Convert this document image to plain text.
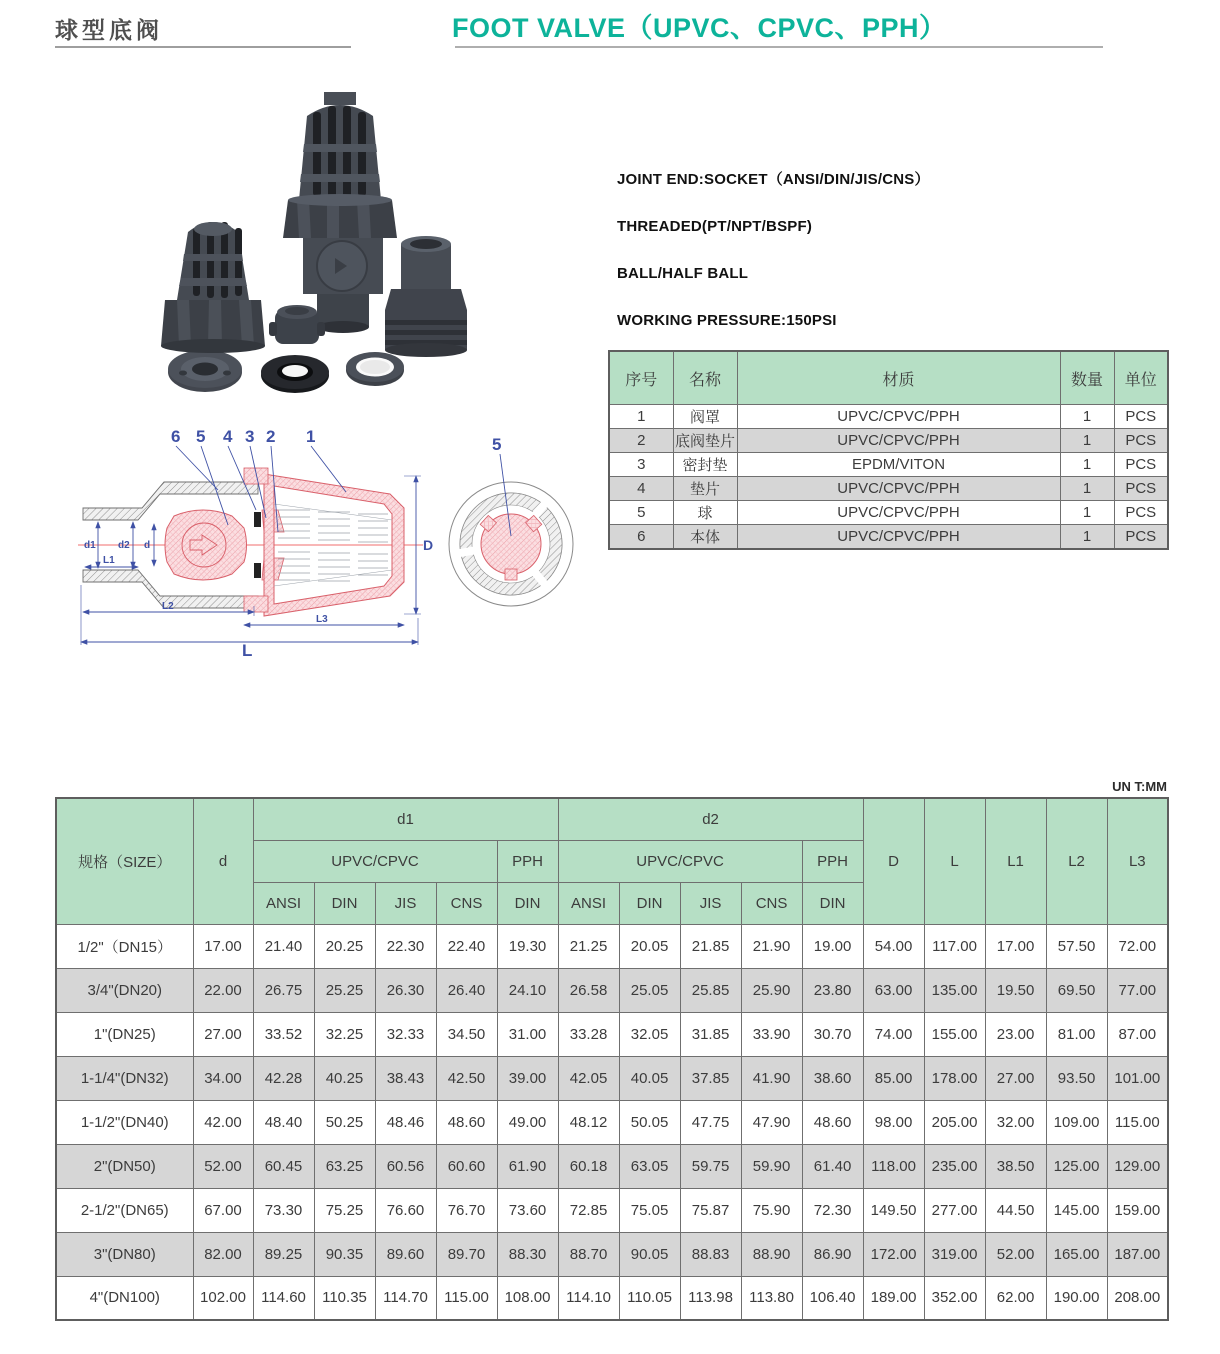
球型底阀	FOOT VALVE（UPVC、CPVC、PPH）

JOINT END:SOCKET（ANSI/DIN/JIS/CNS）

THREADED(PT/NPT/BSPF)

BALL/HALF BALL

WORKING PRESSURE:150PSI

序号	名称	材质	数量	单位
1	阀罩	UPVC/CPVC/PPH	1	PCS
2	底阀垫片	UPVC/CPVC/PPH	1	PCS
3	密封垫	EPDM/VITON	1	PCS
4	垫片	UPVC/CPVC/PPH	1	PCS
5	球	UPVC/CPVC/PPH	1	PCS
6	本体	UPVC/CPVC/PPH	1	PCS
6 5 4 3 2 1
d1 d2 d
L1
L2
L3
L
D
5
UN T:MM
规格（SIZE）	d	d1					d2					D	L	L1	L2	L3
		UPVC/CPVC				PPH	UPVC/CPVC				PPH					
		ANSI	DIN	JIS	CNS	DIN	ANSI	DIN	JIS	CNS	DIN					
1/2"（DN15）	17.00	21.40	20.25	22.30	22.40	19.30	21.25	20.05	21.85	21.90	19.00	54.00	117.00	17.00	57.50	72.00
3/4"(DN20)	22.00	26.75	25.25	26.30	26.40	24.10	26.58	25.05	25.85	25.90	23.80	63.00	135.00	19.50	69.50	77.00
1"(DN25)	27.00	33.52	32.25	32.33	34.50	31.00	33.28	32.05	31.85	33.90	30.70	74.00	155.00	23.00	81.00	87.00
1-1/4"(DN32)	34.00	42.28	40.25	38.43	42.50	39.00	42.05	40.05	37.85	41.90	38.60	85.00	178.00	27.00	93.50	101.00
1-1/2"(DN40)	42.00	48.40	50.25	48.46	48.60	49.00	48.12	50.05	47.75	47.90	48.60	98.00	205.00	32.00	109.00	115.00
2"(DN50)	52.00	60.45	63.25	60.56	60.60	61.90	60.18	63.05	59.75	59.90	61.40	118.00	235.00	38.50	125.00	129.00
2-1/2"(DN65)	67.00	73.30	75.25	76.60	76.70	73.60	72.85	75.05	75.87	75.90	72.30	149.50	277.00	44.50	145.00	159.00
3"(DN80)	82.00	89.25	90.35	89.60	89.70	88.30	88.70	90.05	88.83	88.90	86.90	172.00	319.00	52.00	165.00	187.00
4"(DN100)	102.00	114.60	110.35	114.70	115.00	108.00	114.10	110.05	113.98	113.80	106.40	189.00	352.00	62.00	190.00	208.00
